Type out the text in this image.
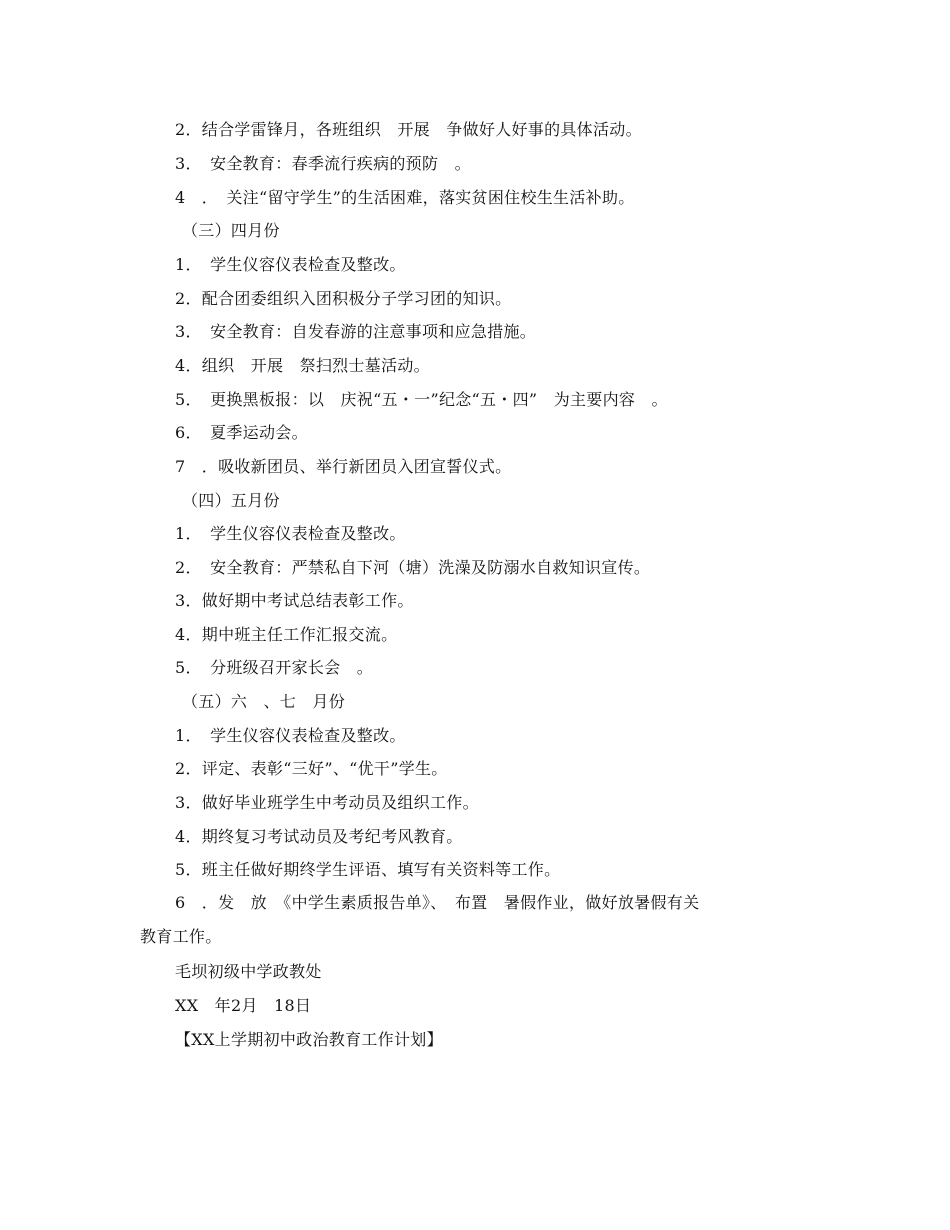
2．结合学雷锋月，各班组织　开展　争做好人好事的具体活动。
3．　安全教育：春季流行疾病的预防　。
4　．　关注“留守学生”的生活困难，落实贫困住校生生活补助。
（三）四月份
1．　学生仪容仪表检查及整改。
2．配合团委组织入团积极分子学习团的知识。
3．　安全教育：自发春游的注意事项和应急措施。
4．组织　开展　祭扫烈士墓活动。
5．　更换黑板报：以　庆祝“五・一”纪念“五・四”　为主要内容　。
6．　夏季运动会。
7　．吸收新团员、举行新团员入团宣誓仪式。
（四）五月份
1．　学生仪容仪表检查及整改。
2．　安全教育：严禁私自下河（塘）洗澡及防溺水自救知识宣传。
3．做好期中考试总结表彰工作。
4．期中班主任工作汇报交流。
5．　分班级召开家长会　。
（五）六　、七　月份
1．　学生仪容仪表检查及整改。
2．评定、表彰“三好”、“优干”学生。
3．做好毕业班学生中考动员及组织工作。
4．期终复习考试动员及考纪考风教育。
5．班主任做好期终学生评语、填写有关资料等工作。
6　．发　放　《中学生素质报告单》、　布置　暑假作业，做好放暑假有关
教育工作。
毛坝初级中学政教处
XX　年2月　18日
【XX上学期初中政治教育工作计划】
